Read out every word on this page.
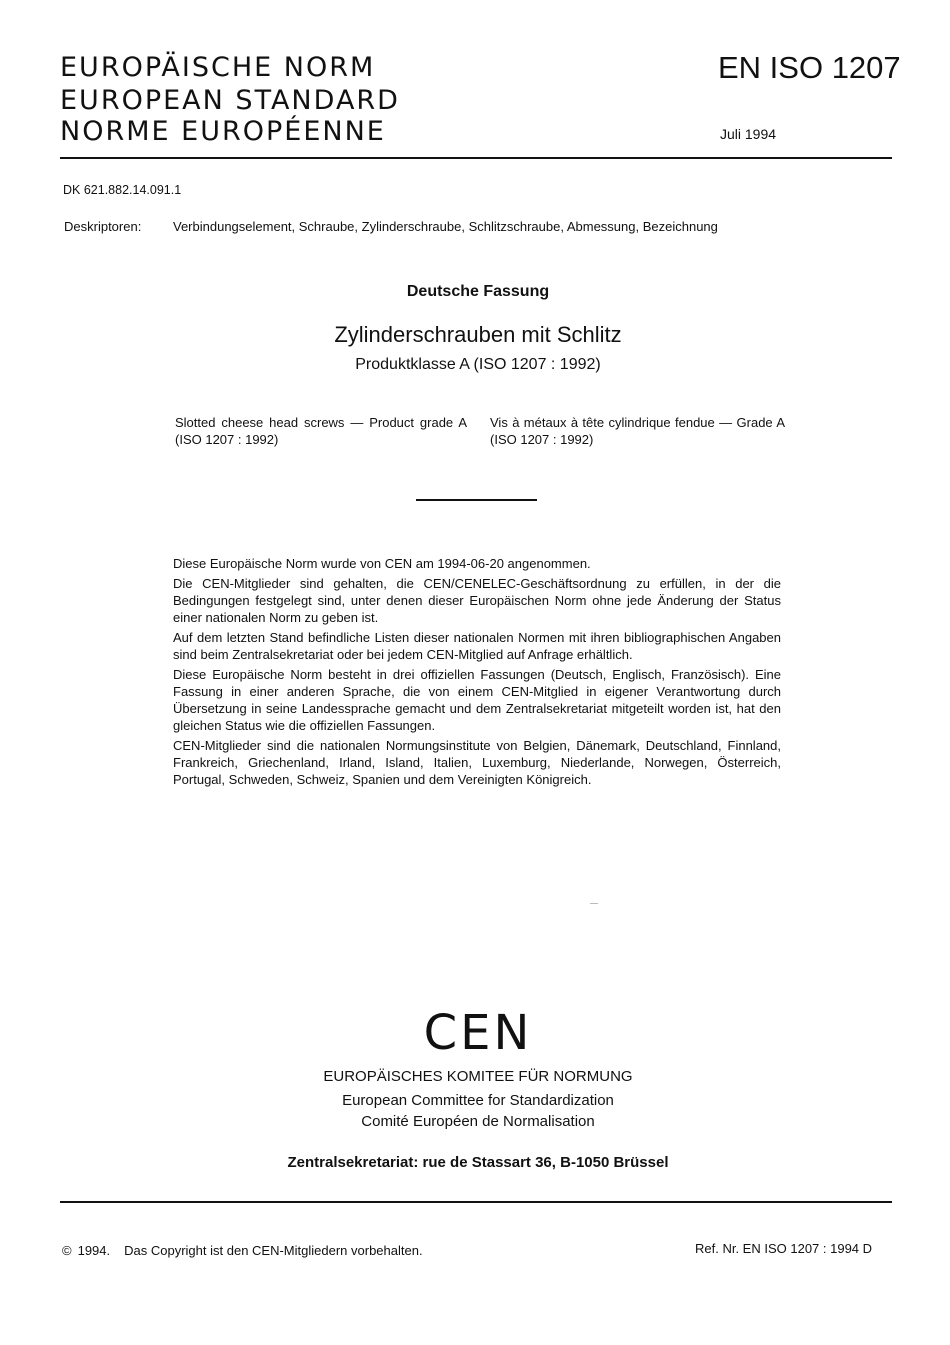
EUROPÄISCHE NORM
EUROPEAN STANDARD
NORME EUROPÉENNE
EN ISO 1207
Juli 1994
DK 621.882.14.091.1
Deskriptoren: Verbindungselement, Schraube, Zylinderschraube, Schlitzschraube, Abmessung, Bezeichnung
Deutsche Fassung
Zylinderschrauben mit Schlitz
Produktklasse A (ISO 1207 : 1992)
Slotted cheese head screws — Product grade A (ISO 1207 : 1992)
Vis à métaux à tête cylindrique fendue — Grade A (ISO 1207 : 1992)

Diese Europäische Norm wurde von CEN am 1994-06-20 angenommen.

Die CEN-Mitglieder sind gehalten, die CEN/CENELEC-Geschäftsordnung zu erfüllen, in der die Bedingungen festgelegt sind, unter denen dieser Europäischen Norm ohne jede Änderung der Status einer nationalen Norm zu geben ist.

Auf dem letzten Stand befindliche Listen dieser nationalen Normen mit ihren bibliographischen Angaben sind beim Zentralsekretariat oder bei jedem CEN-Mitglied auf Anfrage erhältlich.

Diese Europäische Norm besteht in drei offiziellen Fassungen (Deutsch, Englisch, Französisch). Eine Fassung in einer anderen Sprache, die von einem CEN-Mitglied in eigener Verantwortung durch Übersetzung in seine Landessprache gemacht und dem Zentralsekretariat mitgeteilt worden ist, hat den gleichen Status wie die offiziellen Fassungen.

CEN-Mitglieder sind die nationalen Normungsinstitute von Belgien, Dänemark, Deutschland, Finnland, Frankreich, Griechenland, Irland, Island, Italien, Luxemburg, Niederlande, Norwegen, Österreich, Portugal, Schweden, Schweiz, Spanien und dem Vereinigten Königreich.

CEN
EUROPÄISCHES KOMITEE FÜR NORMUNG
European Committee for Standardization
Comité Européen de Normalisation
Zentralsekretariat: rue de Stassart 36, B-1050 Brüssel
© 1994. Das Copyright ist den CEN-Mitgliedern vorbehalten.	Ref. Nr. EN ISO 1207 : 1994 D
